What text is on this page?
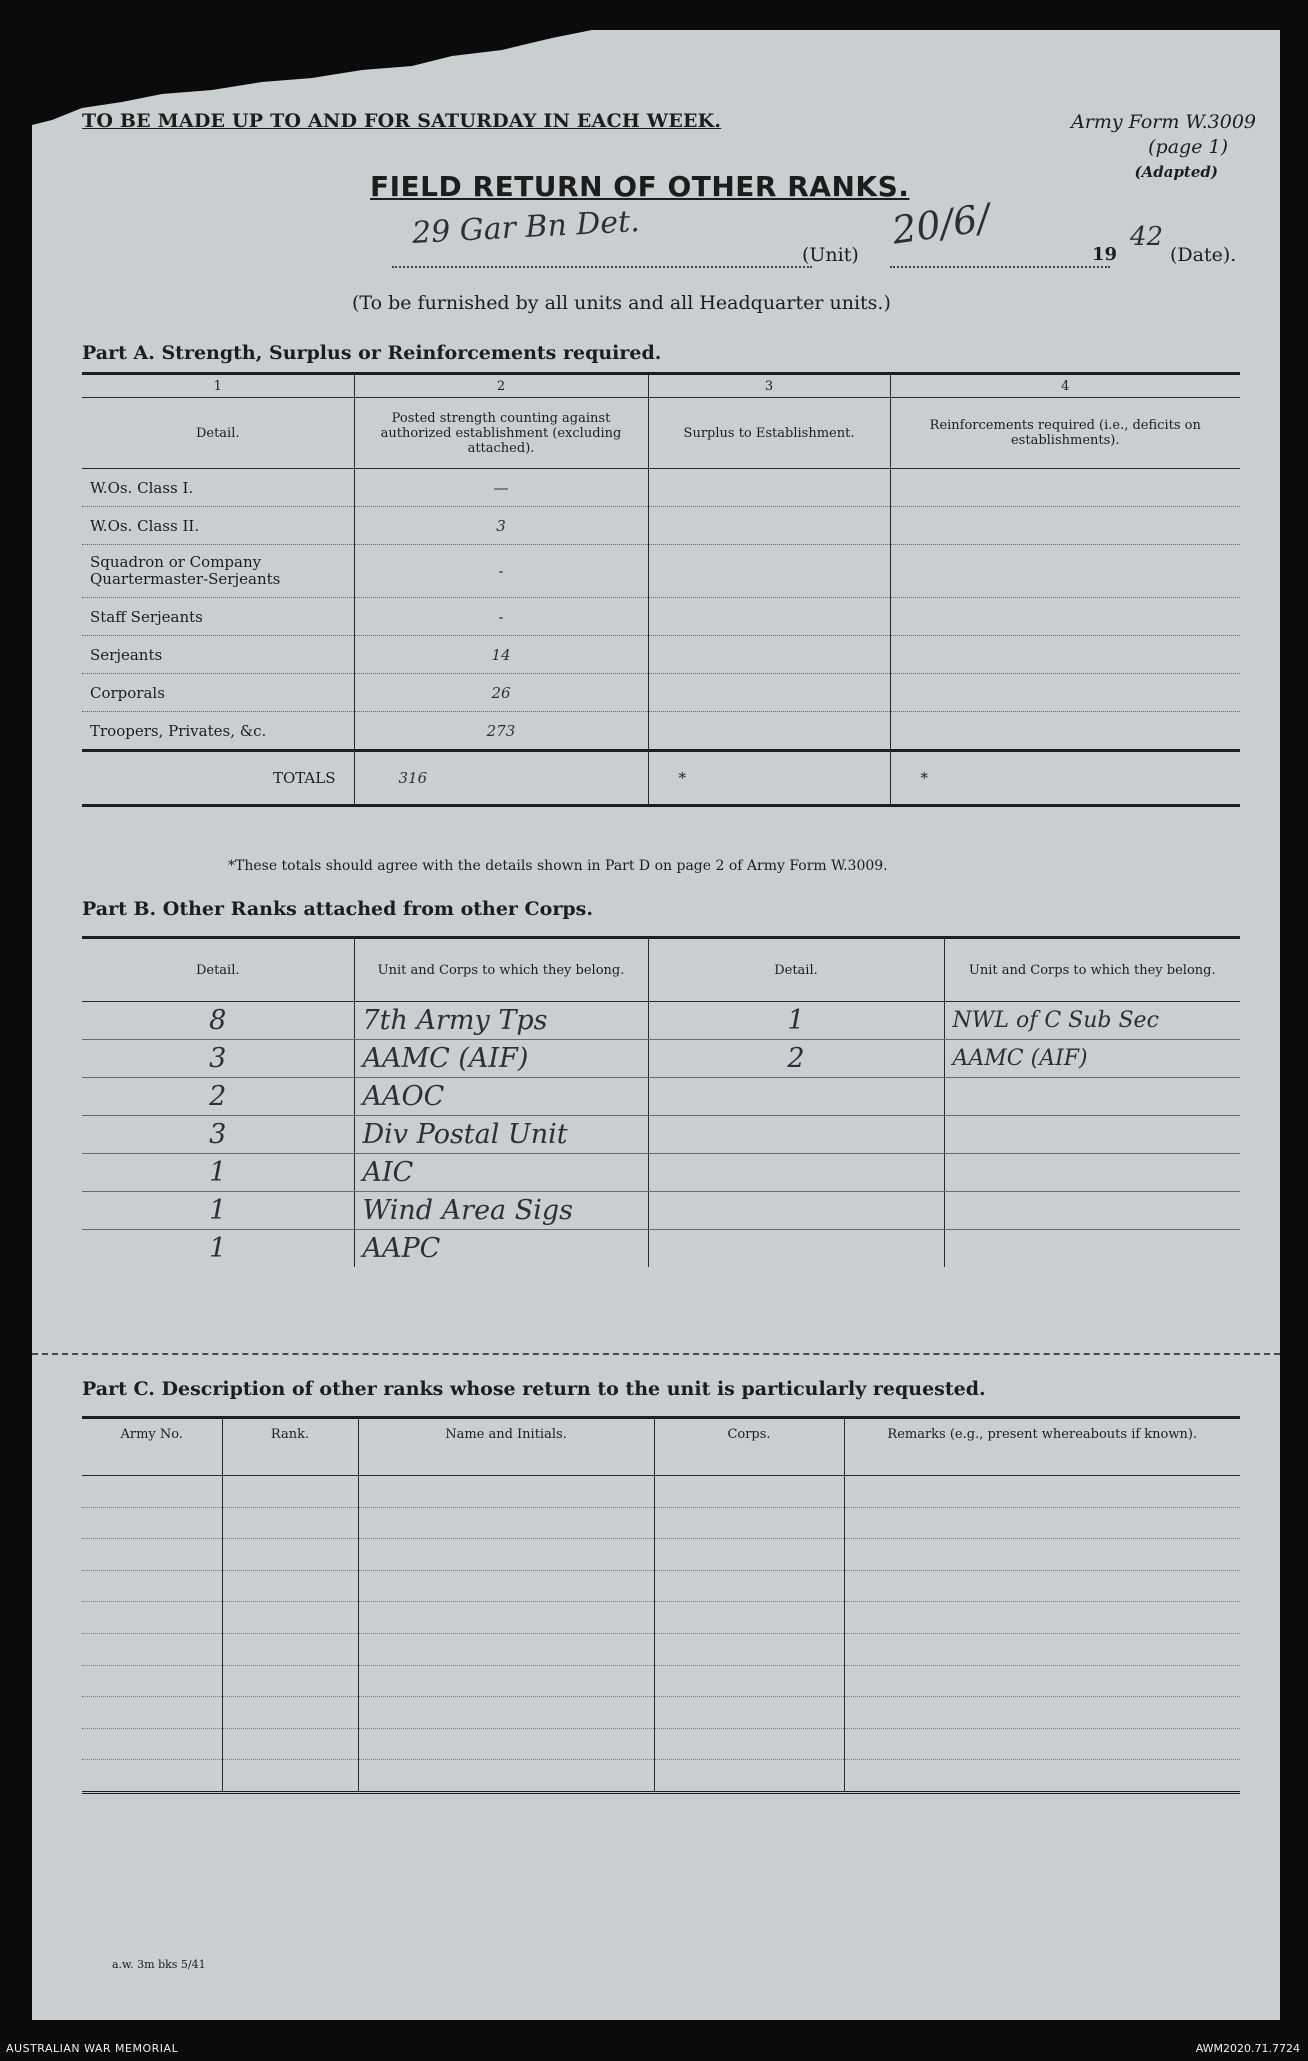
TO BE MADE UP TO AND FOR SATURDAY IN EACH WEEK.	Army Form W.3009
(page 1)

(Adapted)
FIELD RETURN OF OTHER RANKS.
29 Gar Bn Det.
(Unit)
20/6/
19
42
(Date).
(To be furnished by all units and all Headquarter units.)
Part A. Strength, Surplus or Reinforcements required.
1	2	3	4
Detail.	Posted strength counting against authorized establishment (excluding attached).	Surplus to Establishment.	Reinforcements required (i.e., deficits on establishments).
W.Os. Class I.	—		
W.Os. Class II.	3		
Squadron or Company
Quartermaster-Serjeants	-		
Staff Serjeants	-		
Serjeants	14		
Corporals	26		
Troopers, Privates, &c.	273		
TOTALS	316	*	*
*These totals should agree with the details shown in Part D on page 2 of Army Form W.3009.
Part B. Other Ranks attached from other Corps.
Detail.	Unit and Corps to which they belong.	Detail.	Unit and Corps to which they belong.
8	7th Army Tps	1	NWL of C Sub Sec
3	AAMC (AIF)	2	AAMC (AIF)
2	AAOC		
3	Div Postal Unit		
1	AIC		
1	Wind Area Sigs		
1	AAPC		
Part C. Description of other ranks whose return to the unit is particularly requested.
Army No.	Rank.	Name and Initials.	Corps.	Remarks (e.g., present whereabouts if known).

a.w. 3m bks 5/41
AUSTRALIAN WAR MEMORIAL	AWM2020.71.7724
